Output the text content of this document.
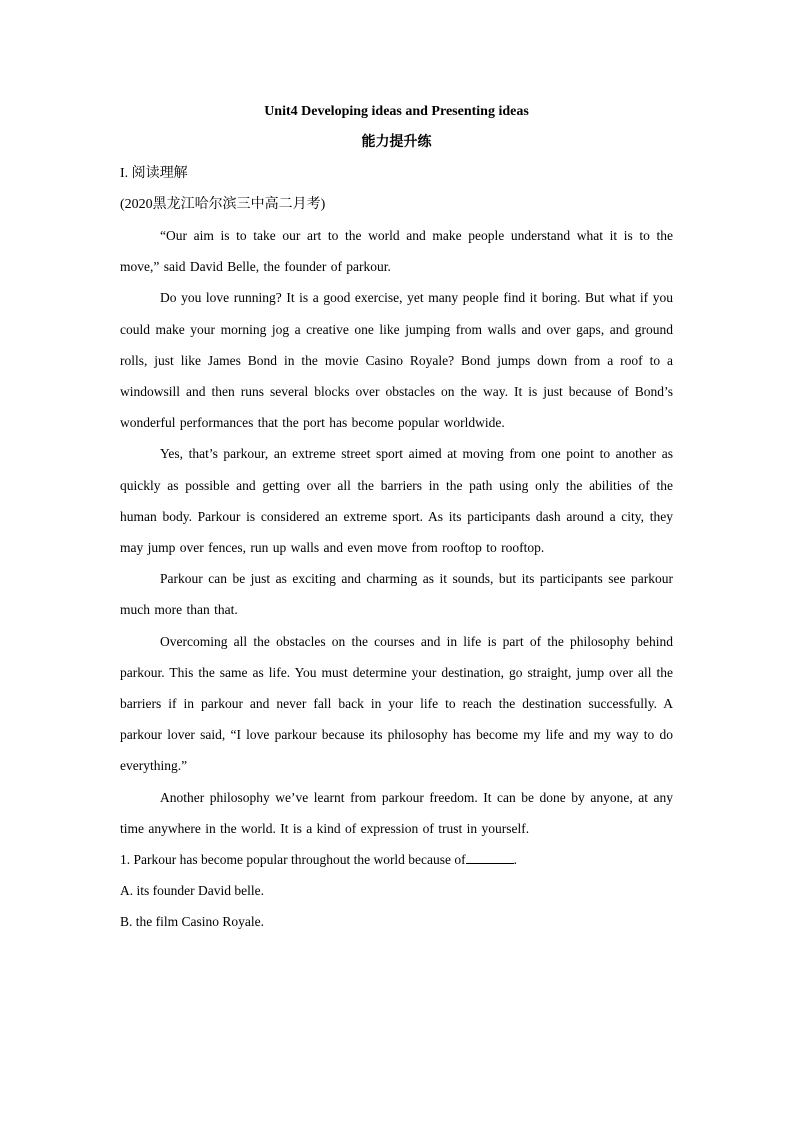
Unit4 Developing ideas and Presenting ideas

能力提升练

I. 阅读理解

(2020黑龙江哈尔滨三中高二月考)

“Our aim is to take our art to the world and make people understand what it is to the move,” said David Belle, the founder of parkour.

Do you love running? It is a good exercise, yet many people find it boring. But what if you could make your morning jog a creative one like jumping from walls and over gaps, and ground rolls, just like James Bond in the movie Casino Royale? Bond jumps down from a roof to a windowsill and then runs several blocks over obstacles on the way. It is just because of Bond’s wonderful performances that the port has become popular worldwide.

Yes, that’s parkour, an extreme street sport aimed at moving from one point to another as quickly as possible and getting over all the barriers in the path using only the abilities of the human body. Parkour is considered an extreme sport. As its participants dash around a city, they may jump over fences, run up walls and even move from rooftop to rooftop.

Parkour can be just as exciting and charming as it sounds, but its participants see parkour much more than that.

Overcoming all the obstacles on the courses and in life is part of the philosophy behind parkour. This the same as life. You must determine your destination, go straight, jump over all the barriers if in parkour and never fall back in your life to reach the destination successfully. A parkour lover said, “I love parkour because its philosophy has become my life and my way to do everything.”

Another philosophy we’ve learnt from parkour freedom. It can be done by anyone, at any time anywhere in the world. It is a kind of expression of trust in yourself.

1. Parkour has become popular throughout the world because of	.

A. its founder David belle.

B. the film Casino Royale.
